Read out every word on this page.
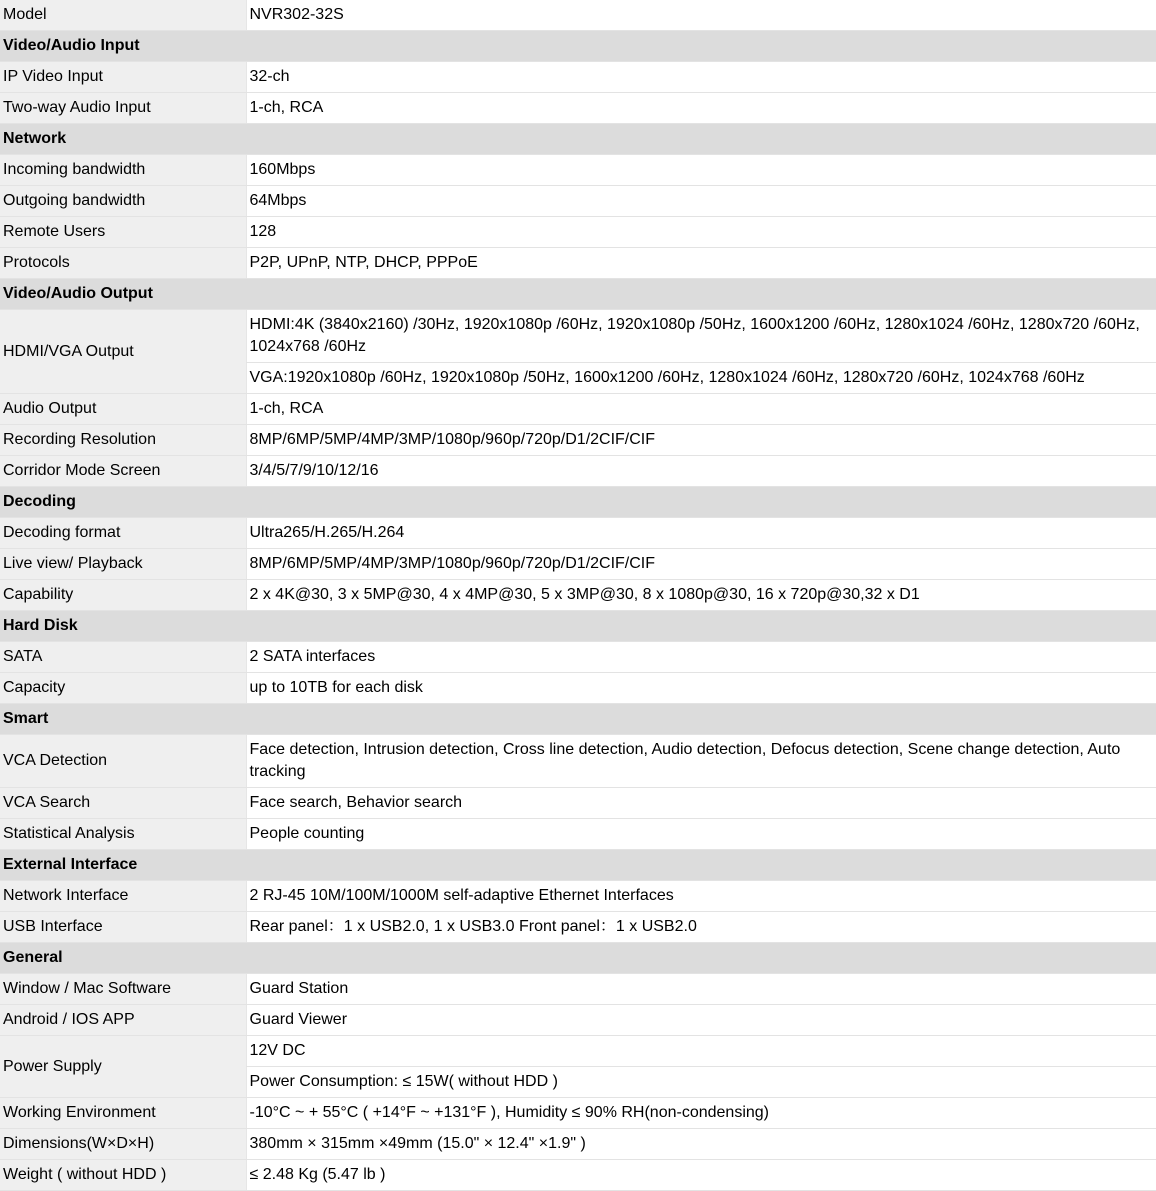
Model	NVR302-32S
Video/Audio Input	
IP Video Input	32-ch
Two-way Audio Input	1-ch, RCA
Network	
Incoming bandwidth	160Mbps
Outgoing bandwidth	64Mbps
Remote Users	128
Protocols	P2P, UPnP, NTP, DHCP, PPPoE
Video/Audio Output	
HDMI/VGA Output	HDMI:4K (3840x2160) /30Hz, 1920x1080p /60Hz, 1920x1080p /50Hz, 1600x1200 /60Hz, 1280x1024 /60Hz, 1280x720 /60Hz, 1024x768 /60Hz
	VGA:1920x1080p /60Hz, 1920x1080p /50Hz, 1600x1200 /60Hz, 1280x1024 /60Hz, 1280x720 /60Hz, 1024x768 /60Hz
Audio Output	1-ch, RCA
Recording Resolution	8MP/6MP/5MP/4MP/3MP/1080p/960p/720p/D1/2CIF/CIF
Corridor Mode Screen	3/4/5/7/9/10/12/16
Decoding	
Decoding format	Ultra265/H.265/H.264
Live view/ Playback	8MP/6MP/5MP/4MP/3MP/1080p/960p/720p/D1/2CIF/CIF
Capability	2 x 4K@30, 3 x 5MP@30, 4 x 4MP@30, 5 x 3MP@30, 8 x 1080p@30, 16 x 720p@30,32 x D1
Hard Disk	
SATA	2 SATA interfaces
Capacity	up to 10TB for each disk
Smart	
VCA Detection	Face detection, Intrusion detection, Cross line detection, Audio detection, Defocus detection, Scene change detection, Auto tracking
VCA Search	Face search, Behavior search
Statistical Analysis	People counting
External Interface	
Network Interface	2 RJ-45 10M/100M/1000M self-adaptive Ethernet Interfaces
USB Interface	Rear panel：1 x USB2.0, 1 x USB3.0 Front panel：1 x USB2.0
General	
Window / Mac Software	Guard Station
Android / IOS APP	Guard Viewer
Power Supply	12V DC
	Power Consumption: ≤ 15W( without HDD )
Working Environment	-10°C ~ + 55°C ( +14°F ~ +131°F ), Humidity ≤ 90% RH(non-condensing)
Dimensions(W×D×H)	380mm × 315mm ×49mm (15.0" × 12.4" ×1.9" )
Weight ( without HDD )	≤ 2.48 Kg (5.47 lb )
